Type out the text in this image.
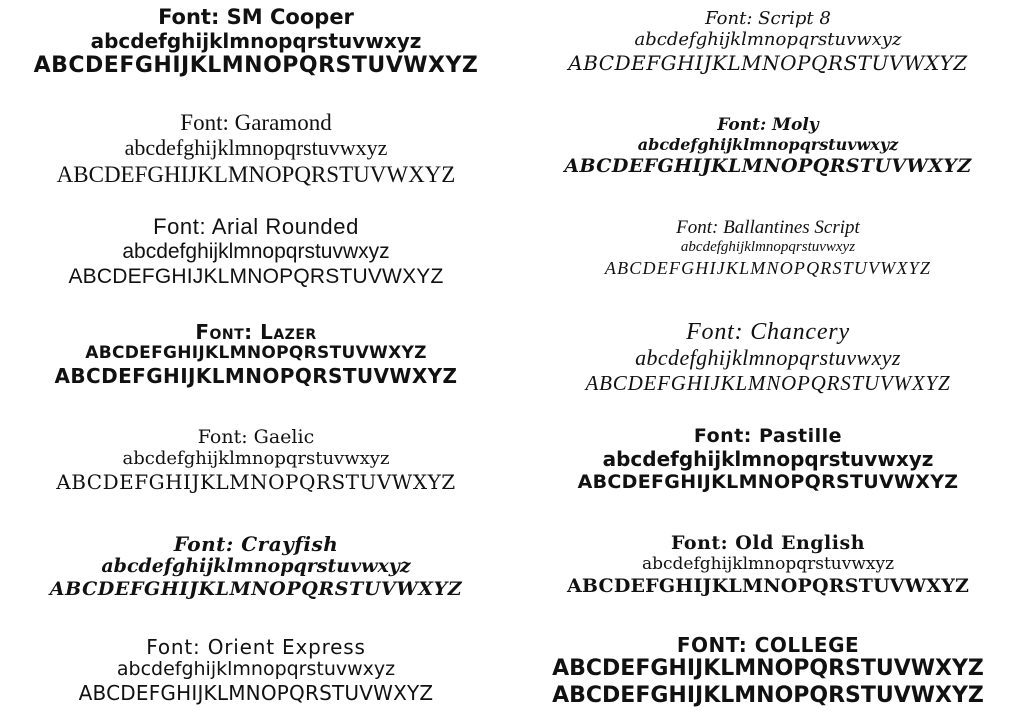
Font: SM Cooper
abcdefghijklmnopqrstuvwxyz
ABCDEFGHIJKLMNOPQRSTUVWXYZ
Font: Garamond
abcdefghijklmnopqrstuvwxyz
ABCDEFGHIJKLMNOPQRSTUVWXYZ
Font: Arial Rounded
abcdefghijklmnopqrstuvwxyz
ABCDEFGHIJKLMNOPQRSTUVWXYZ
Font: Lazer
ABCDEFGHIJKLMNOPQRSTUVWXYZ
ABCDEFGHIJKLMNOPQRSTUVWXYZ
Font: Gaelic
abcdefghijklmnopqrstuvwxyz
ABCDEFGHIJKLMNOPQRSTUVWXYZ
Font: Crayfish
abcdefghijklmnopqrstuvwxyz
ABCDEFGHIJKLMNOPQRSTUVWXYZ
Font: Orient Express
abcdefghijklmnopqrstuvwxyz
ABCDEFGHIJKLMNOPQRSTUVWXYZ
Font: Script 8
abcdefghijklmnopqrstuvwxyz
ABCDEFGHIJKLMNOPQRSTUVWXYZ
Font: Moly
abcdefghijklmnopqrstuvwxyz
ABCDEFGHIJKLMNOPQRSTUVWXYZ
Font: Ballantines Script
abcdefghijklmnopqrstuvwxyz
ABCDEFGHIJKLMNOPQRSTUVWXYZ
Font: Chancery
abcdefghijklmnopqrstuvwxyz
ABCDEFGHIJKLMNOPQRSTUVWXYZ
Font: Pastille
abcdefghijklmnopqrstuvwxyz
ABCDEFGHIJKLMNOPQRSTUVWXYZ
Font: Old English
abcdefghijklmnopqrstuvwxyz
ABCDEFGHIJKLMNOPQRSTUVWXYZ
FONT: COLLEGE
ABCDEFGHIJKLMNOPQRSTUVWXYZ
ABCDEFGHIJKLMNOPQRSTUVWXYZ
